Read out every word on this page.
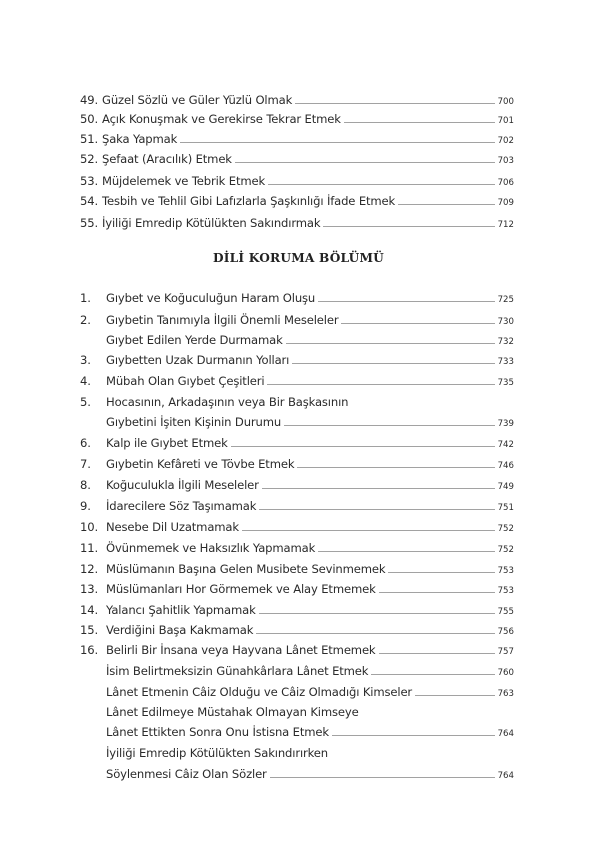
49. Güzel Sözlü ve Güler Yüzlü Olmak	700
50. Açık Konuşmak ve Gerekirse Tekrar Etmek	701
51. Şaka Yapmak	702
52. Şefaat (Aracılık) Etmek	703
53. Müjdelemek ve Tebrik Etmek	706
54. Tesbih ve Tehlil Gibi Lafızlarla Şaşkınlığı İfade Etmek	709
55. İyiliği Emredip Kötülükten Sakındırmak	712
DİLİ KORUMA BÖLÜMÜ
1.	Gıybet ve Koğuculuğun Haram Oluşu	725
2.	Gıybetin Tanımıyla İlgili Önemli Meseleler	730
Gıybet Edilen Yerde Durmamak	732
3.	Gıybetten Uzak Durmanın Yolları	733
4.	Mübah Olan Gıybet Çeşitleri	735
5.	Hocasının, Arkadaşının veya Bir Başkasının
Gıybetini İşiten Kişinin Durumu	739
6.	Kalp ile Gıybet Etmek	742
7.	Gıybetin Kefâreti ve Tövbe Etmek	746
8.	Koğuculukla İlgili Meseleler	749
9.	İdarecilere Söz Taşımamak	751
10. Nesebe Dil Uzatmamak	752
11. Övünmemek ve Haksızlık Yapmamak	752
12. Müslümanın Başına Gelen Musibete Sevinmemek	753
13. Müslümanları Hor Görmemek ve Alay Etmemek	753
14. Yalancı Şahitlik Yapmamak	755
15. Verdiğini Başa Kakmamak	756
16. Belirli Bir İnsana veya Hayvana Lânet Etmemek	757
İsim Belirtmeksizin Günahkârlara Lânet Etmek	760
Lânet Etmenin Câiz Olduğu ve Câiz Olmadığı Kimseler	763
Lânet Edilmeye Müstahak Olmayan Kimseye
Lânet Ettikten Sonra Onu İstisna Etmek	764
İyiliği Emredip Kötülükten Sakındırırken
Söylenmesi Câiz Olan Sözler	764
